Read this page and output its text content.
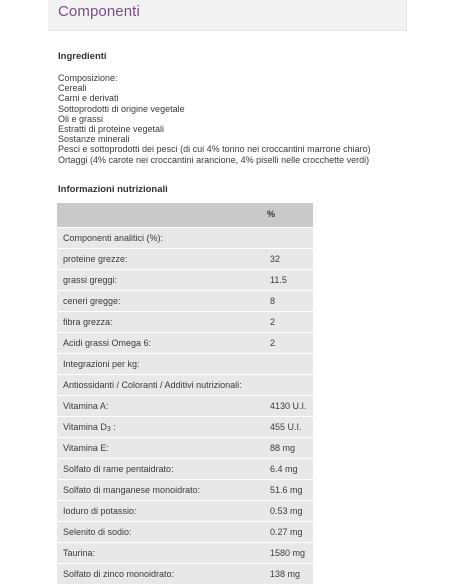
Componenti
Ingredienti
Composizione:
Cereali
Carni e derivati
Sottoprodotti di origine vegetale
Oli e grassi
Estratti di proteine vegetali
Sostanze minerali
Pesci e sottoprodotti dei pesci (di cui 4% tonno nei croccantini marrone chiaro)
Ortaggi (4% carote nei croccantini arancione, 4% piselli nelle crocchette verdi)
Informazioni nutrizionali
%
Componenti analitici (%):
proteine grezze:	32
grassi greggi:	11.5
ceneri gregge:	8
fibra grezza:	2
Acidi grassi Omega 6:	2
Integrazioni per kg:
Antiossidanti / Coloranti / Additivi nutrizionali:
Vitamina A:	4130 U.I.
Vitamina $D_3$ :	455 U.I.
Vitamina E:	88 mg
Solfato di rame pentaidrato:	6.4 mg
Solfato di manganese monoidrato:	51.6 mg
Ioduro di potassio:	0.53 mg
Selenito di sodio:	0.27 mg
Taurina:	1580 mg
Solfato di zinco monoidrato:	138 mg
